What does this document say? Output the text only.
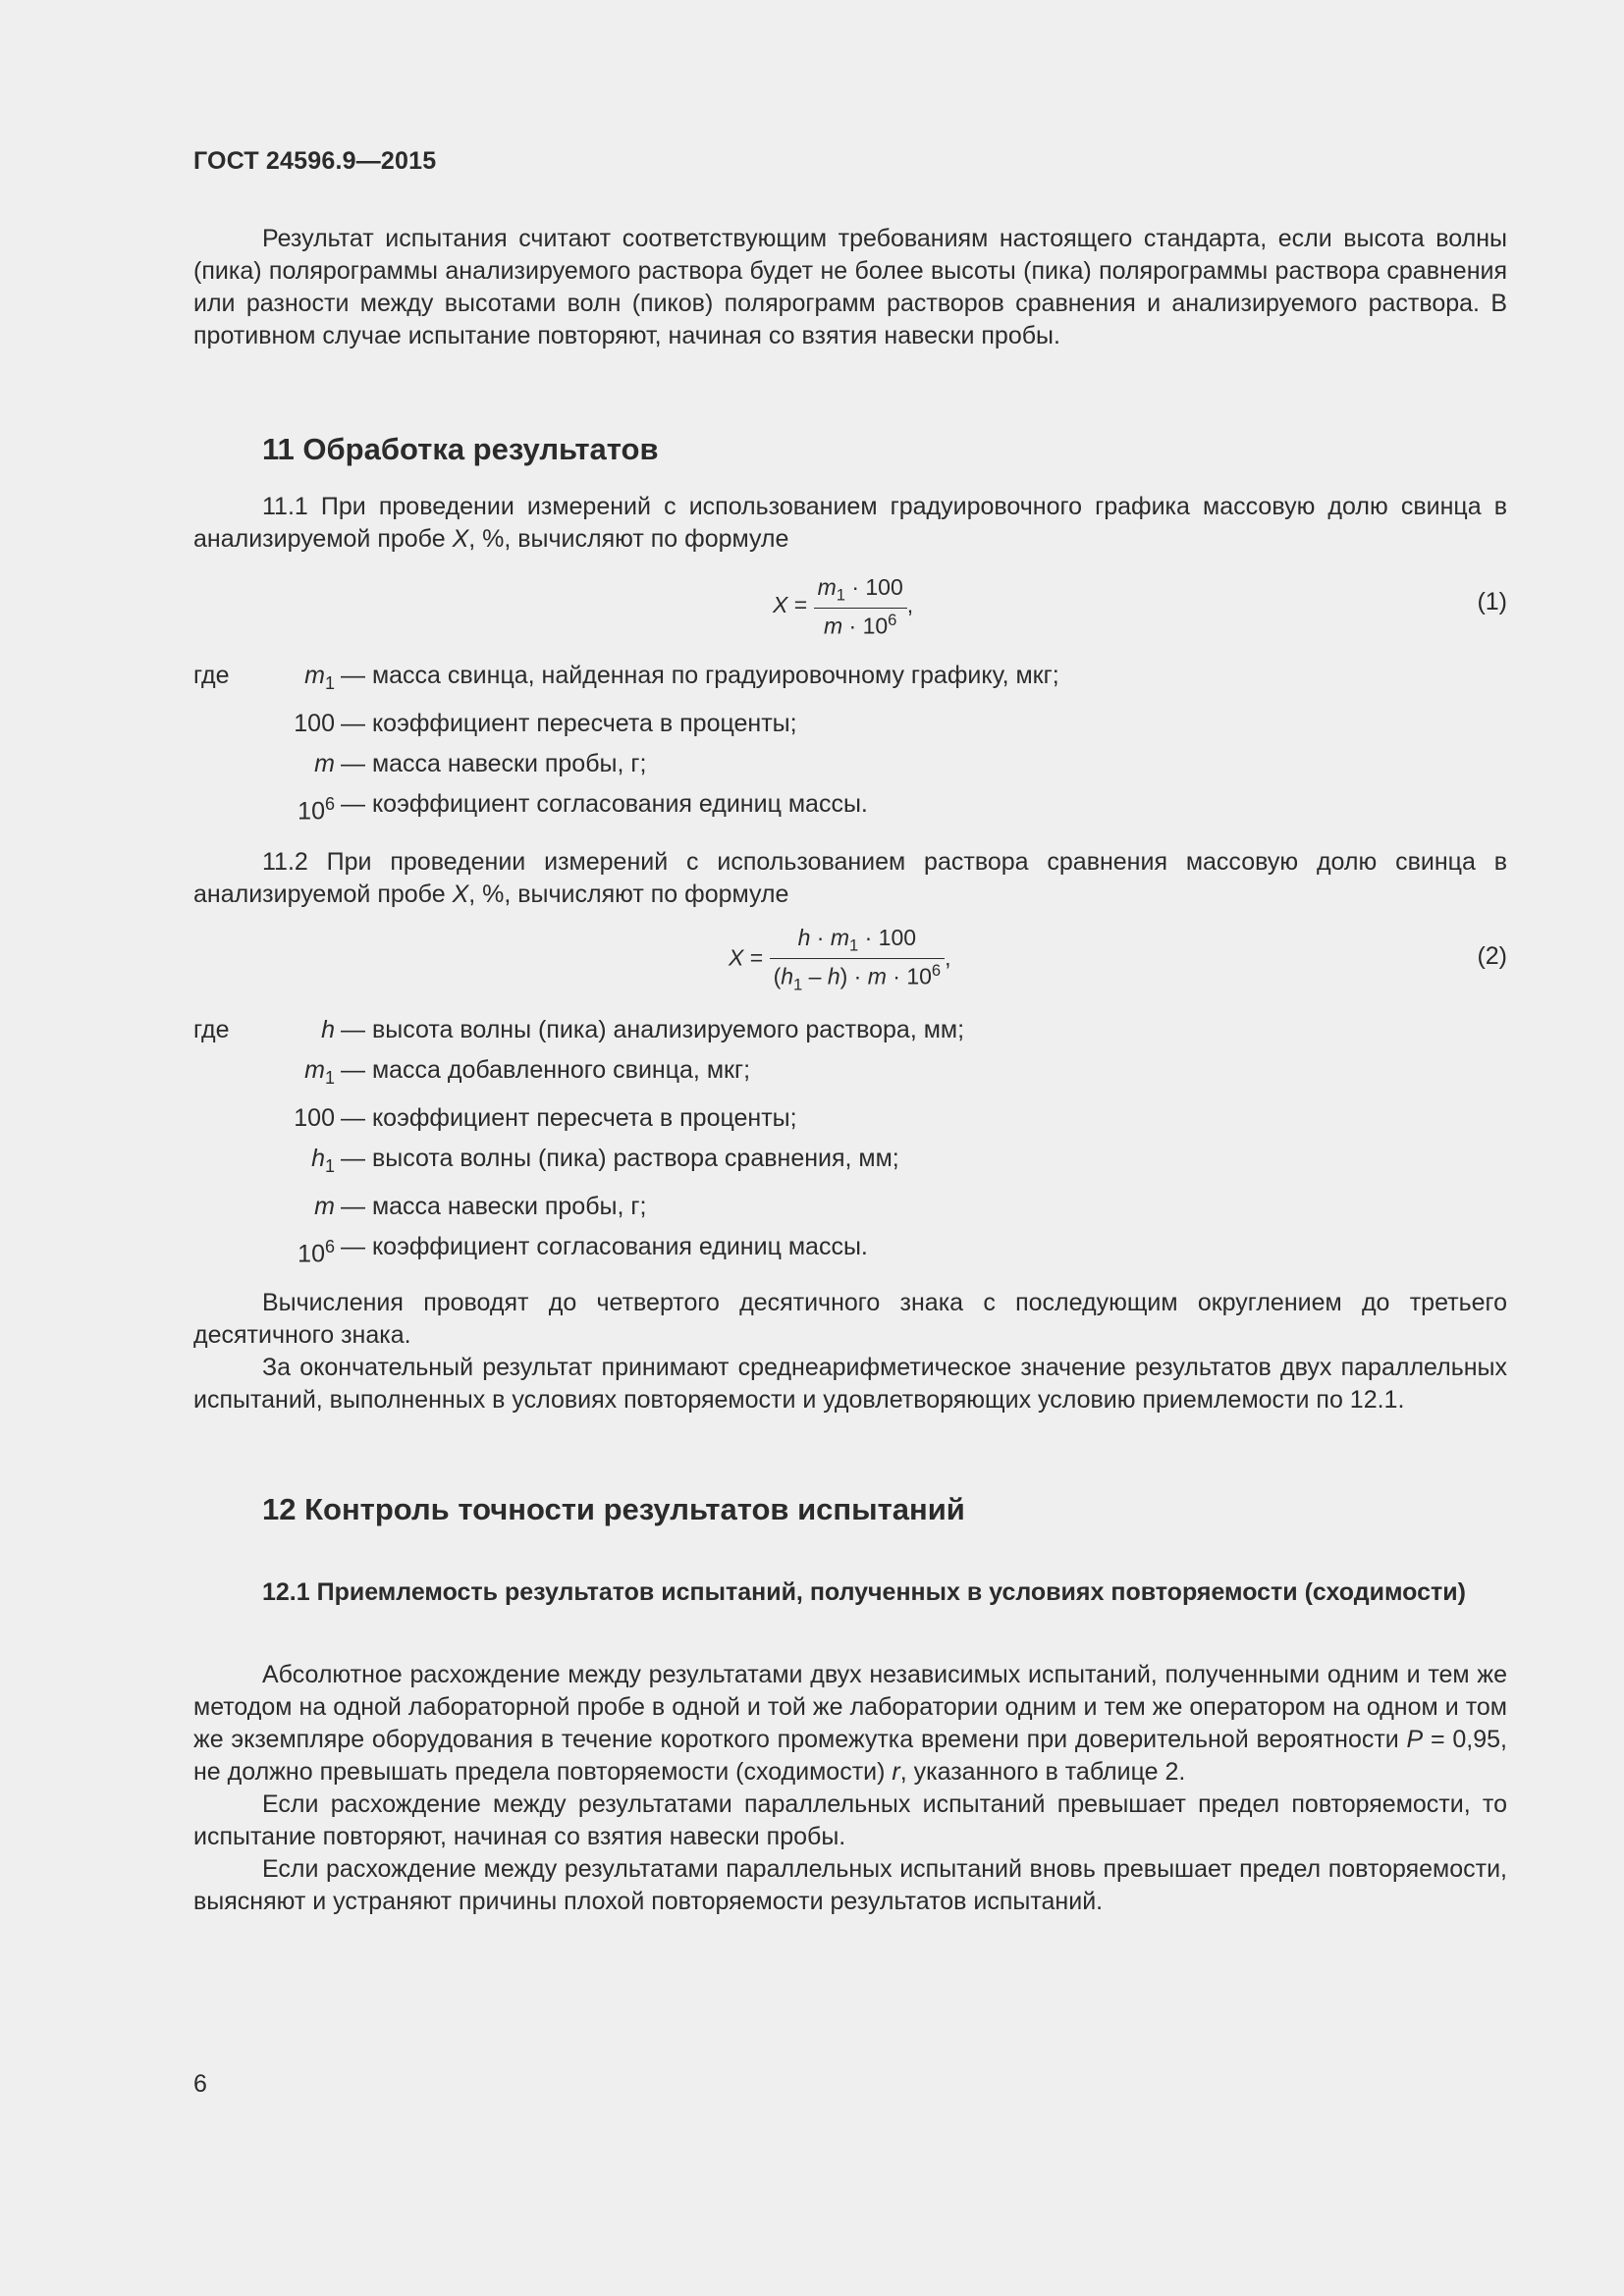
ГОСТ 24596.9—2015

Результат испытания считают соответствующим требованиям настоящего стандарта, если высота волны (пика) полярограммы анализируемого раствора будет не более высоты (пика) полярограммы раствора сравнения или разности между высотами волн (пиков) полярограмм растворов сравнения и анализируемого раствора. В противном случае испытание повторяют, начиная со взятия навески пробы.

11 Обработка результатов

11.1 При проведении измерений с использованием градуировочного графика массовую долю свинца в анализируемой пробе X, %, вычисляют по формуле

$X = \frac{m_1 \cdot 100}{m \cdot 10^6}$ ,	(1)
где	$m_1$ — масса свинца, найденная по градуировочному графику, мкг;
100 — коэффициент пересчета в проценты;
m — масса навески пробы, г;
$10^6$ — коэффициент согласования единиц массы.

11.2 При проведении измерений с использованием раствора сравнения массовую долю свинца в анализируемой пробе X, %, вычисляют по формуле

$X = \frac{h \cdot m_1 \cdot 100}{(h_1 - h) \cdot m \cdot 10^6}$ ,	(2)
где	h — высота волны (пика) анализируемого раствора, мм;
$m_1$ — масса добавленного свинца, мкг;
100 — коэффициент пересчета в проценты;
$h_1$ — высота волны (пика) раствора сравнения, мм;
m — масса навески пробы, г;
$10^6$ — коэффициент согласования единиц массы.

Вычисления проводят до четвертого десятичного знака с последующим округлением до третьего десятичного знака.

За окончательный результат принимают среднеарифметическое значение результатов двух параллельных испытаний, выполненных в условиях повторяемости и удовлетворяющих условию приемлемости по 12.1.

12 Контроль точности результатов испытаний
12.1 Приемлемость результатов испытаний, полученных в условиях повторяемости (сходимости)

Абсолютное расхождение между результатами двух независимых испытаний, полученными одним и тем же методом на одной лабораторной пробе в одной и той же лаборатории одним и тем же оператором на одном и том же экземпляре оборудования в течение короткого промежутка времени при доверительной вероятности P = 0,95, не должно превышать предела повторяемости (сходимости) r, указанного в таблице 2.

Если расхождение между результатами параллельных испытаний превышает предел повторяемости, то испытание повторяют, начиная со взятия навески пробы.

Если расхождение между результатами параллельных испытаний вновь превышает предел повторяемости, выясняют и устраняют причины плохой повторяемости результатов испытаний.

6
